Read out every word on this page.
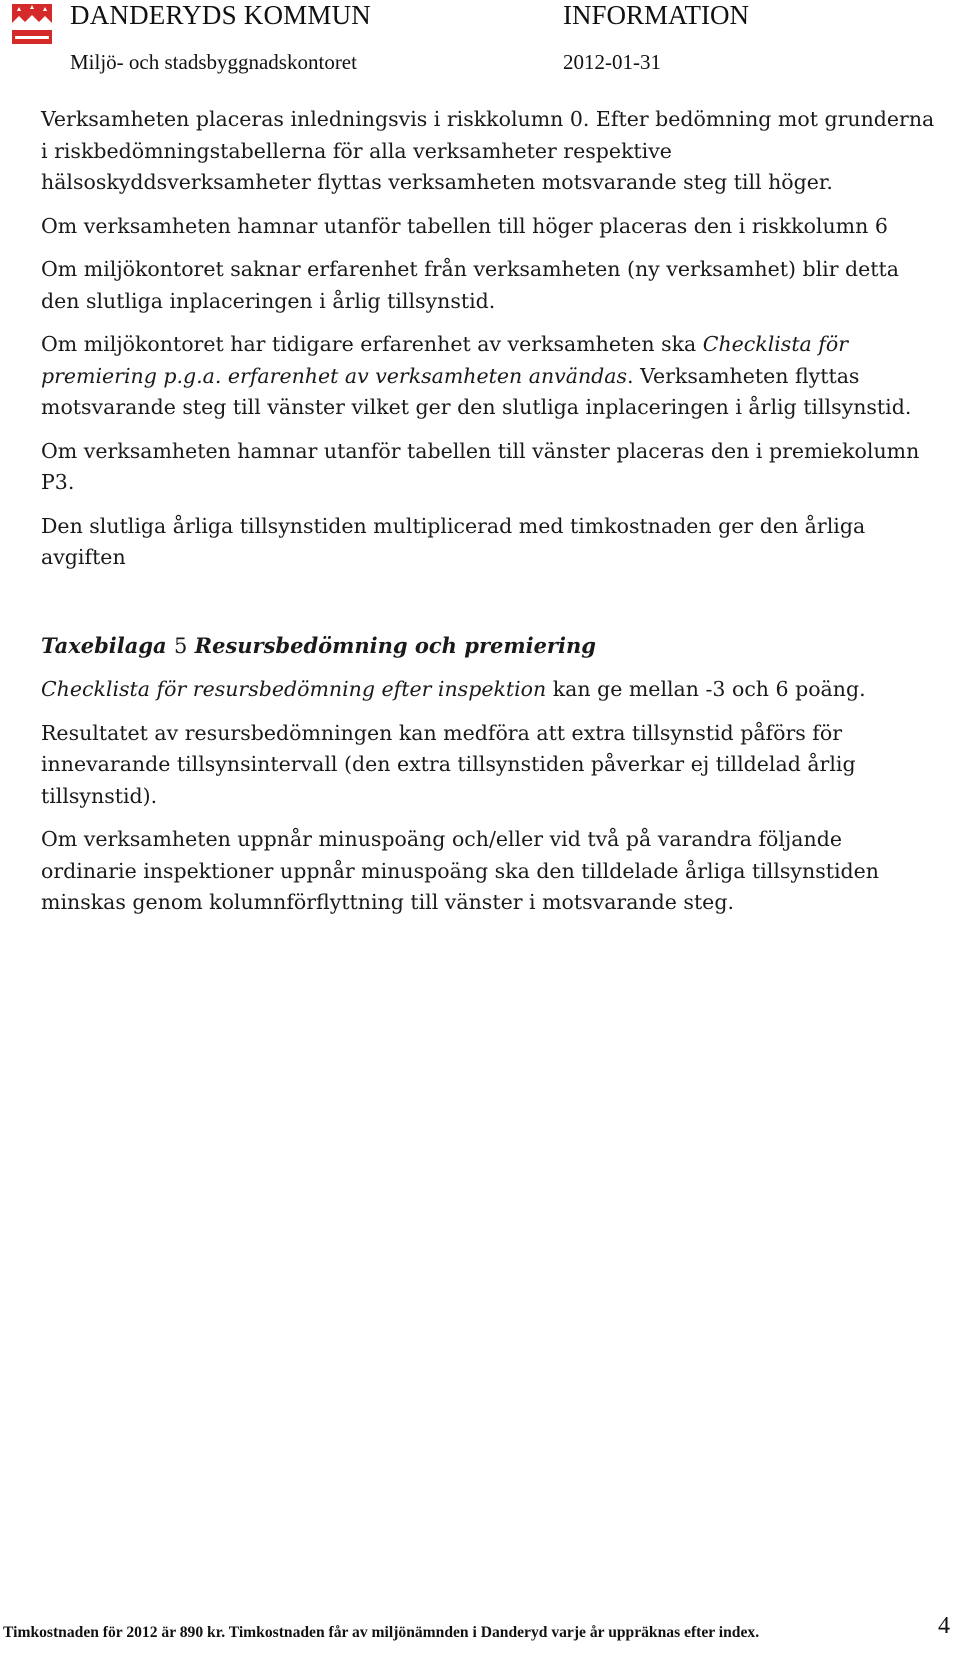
DANDERYDS KOMMUN	INFORMATION
Miljö- och stadsbyggnadskontoret	2012-01-31

Verksamheten placeras inledningsvis i riskkolumn 0. Efter bedömning mot grunderna i riskbedömningstabellerna för alla verksamheter respektive hälsoskyddsverksamheter flyttas verksamheten motsvarande steg till höger.

Om verksamheten hamnar utanför tabellen till höger placeras den i riskkolumn 6

Om miljökontoret saknar erfarenhet från verksamheten (ny verksamhet) blir detta den slutliga inplaceringen i årlig tillsynstid.

Om miljökontoret har tidigare erfarenhet av verksamheten ska Checklista för premiering p.g.a. erfarenhet av verksamheten användas. Verksamheten flyttas motsvarande steg till vänster vilket ger den slutliga inplaceringen i årlig tillsynstid.

Om verksamheten hamnar utanför tabellen till vänster placeras den i premiekolumn P3.

Den slutliga årliga tillsynstiden multiplicerad med timkostnaden ger den årliga avgiften

Taxebilaga 5 Resursbedömning och premiering

Checklista för resursbedömning efter inspektion kan ge mellan -3 och 6 poäng.

Resultatet av resursbedömningen kan medföra att extra tillsynstid påförs för innevarande tillsynsintervall (den extra tillsynstiden påverkar ej tilldelad årlig tillsynstid).

Om verksamheten uppnår minuspoäng och/eller vid två på varandra följande ordinarie inspektioner uppnår minuspoäng ska den tilldelade årliga tillsynstiden minskas genom kolumnförflyttning till vänster i motsvarande steg.

Timkostnaden för 2012 är 890 kr. Timkostnaden får av miljönämnden i Danderyd varje år uppräknas efter index.	4
